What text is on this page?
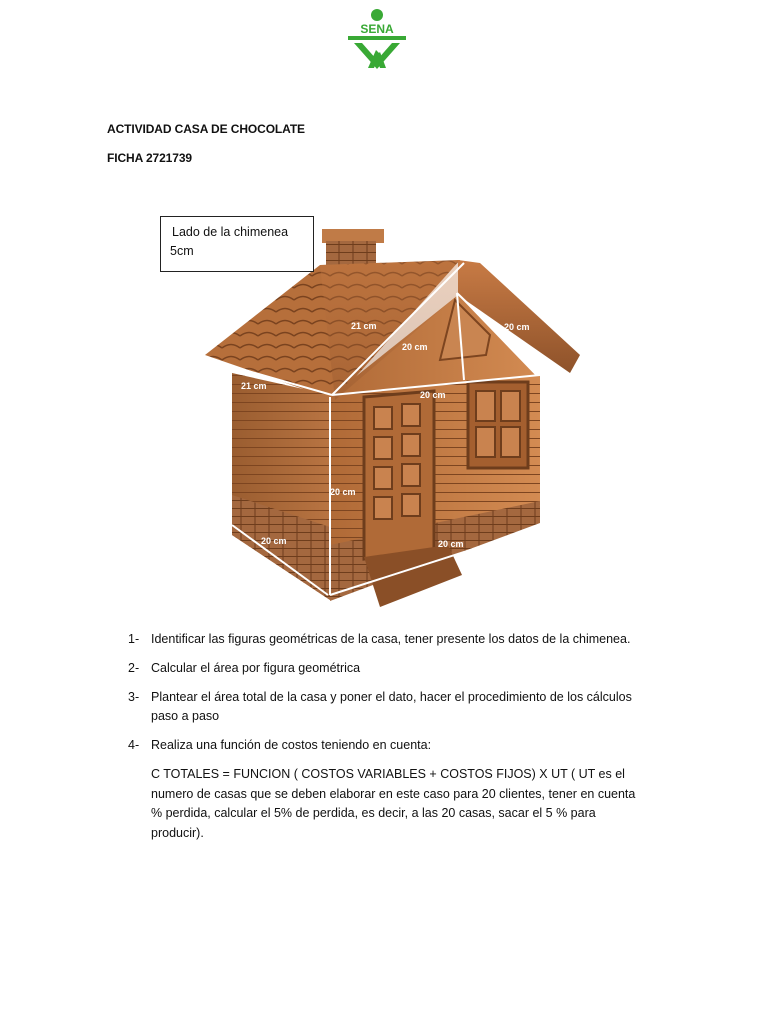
SENA
ACTIVIDAD CASA DE CHOCOLATE
FICHA 2721739
21 cm
21 cm
20 cm
20 cm
20 cm
20 cm
20 cm	20 cm
Lado de la chimenea
5cm
1- Identificar las figuras geométricas de la casa, tener presente los datos de la chimenea.
2- Calcular el área por figura geométrica
3- Plantear el área total de la casa y poner el dato, hacer el procedimiento de los cálculos paso a paso
4- Realiza una función de costos teniendo en cuenta:
C TOTALES = FUNCION ( COSTOS VARIABLES + COSTOS FIJOS) X UT ( UT es el numero de casas que se deben elaborar en este caso para 20 clientes, tener en cuenta % perdida, calcular el 5% de perdida, es decir, a las 20 casas, sacar el 5 % para producir).
